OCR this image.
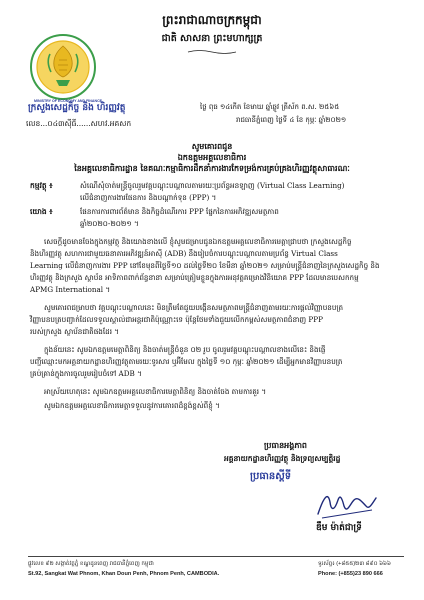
ព្រះរាជាណាចក្រកម្ពុជា
ជាតិ សាសនា ព្រះមហាក្សត្រ
MINISTRY OF ECONOMY AND FINANCE
ក្រសួងសេដ្ឋកិច្ច និង ហិរញ្ញវត្ថុ
លេខ...០៤៣ស៊ីធី......សហវ.អគសក
ថ្ងៃ ពុធ ១៤កើត ខែមាឃ ឆ្នាំឆ្លូវ ត្រីស័ក ព.ស. ២៥៦៥
រាជធានីភ្នំពេញ ថ្ងៃទី ៤ ខែ កុម្ភៈ ឆ្នាំ២០២១
សូមគោរពជូន
ឯកឧត្តមអគ្គលេខាធិការ
នៃអគ្គលេខាធិការដ្ឋាន នៃគណៈកម្មាធិការដឹកនាំការងារកែទម្រង់ការគ្រប់គ្រងហិរញ្ញវត្ថុសាធារណៈ
កម្មវត្ថុ ៖	សំណើសុំចាត់មន្ត្រីចូលរួមវគ្គបណ្តុះបណ្តាលតាមរយៈប្រព័ន្ធអនឡាញ (Virtual Class Learning)
លើជំនាញការងារផែនការ និងបណ្តាក់ទុន (PPP) ។
យោង ៖	ផែនការការពារព័ត៌មាន និងកិច្ចដំណើរការ PPP ផ្នែកនៃការអភិវឌ្ឍសមត្ថភាព
ឆ្នាំ២០២០-២០២១ ។
សេចក្តីដូចមានចែងក្នុងកម្មវត្ថុ និងយោងខាងលើ ខ្ញុំសូមជម្រាបជូនឯកឧត្តមអគ្គលេខាធិការមេត្តាជ្រាបថា ក្រសួងសេដ្ឋកិច្ច
និងហិរញ្ញវត្ថុ សហការជាមួយធនាគារអភិវឌ្ឍន៍អាស៊ី (ADB) នឹងរៀបចំការបណ្តុះបណ្តាលតាមប្រព័ន្ធ Virtual Class
Learning លើជំនាញការងារ PPP នៅខែមុនពីថ្ងៃទី១០ ដល់ថ្ងៃទី២០ ខែមីនា ឆ្នាំ២០២១ សម្រាប់មន្ត្រីជំនាញនៃក្រសួងសេដ្ឋកិច្ច និង
ហិរញ្ញវត្ថុ និងក្រសួង ស្ថាប័ន អាទិភាពពាក់ព័ន្ធនានា សម្រាប់ត្រៀមខ្លួនក្នុងការអនុវត្តគម្រោងវិនិយោគ PPP ដែលមានបេសកកម្ម
APMG International ។
សូមគោរពជម្រាបថា វគ្គបណ្តុះបណ្តាលនេះ មិនត្រឹមតែជួយបង្កើនសមត្ថភាពមន្ត្រីជំនាញតាមរយៈការផ្តល់វិញ្ញាបនបត្រ
វិញ្ញាបនបត្របញ្ជាក់ដែលទទួលស្គាល់ជាអន្តរជាតិប៉ុណ្ណោះទេ ប៉ុន្តែថែមទាំងជួយលើកកម្ពស់សមត្ថភាពជំនាញ PPP
របស់ក្រសួង ស្ថាប័នជាតិផងដែរ ។
ក្នុងន័យនេះ សូមឯកឧត្តមមេត្តាពិនិត្យ និងចាត់មន្ត្រីចំនួន ០២ រូប ចូលរួមវគ្គបណ្តុះបណ្តាលខាងលើនេះ និងផ្ញើ
បញ្ជីឈ្មោះមកអគ្គនាយកដ្ឋានហិរញ្ញវត្ថុតាមរយៈទូរសារ ឬអ៊ីមែល ក្នុងថ្ងៃទី ១០ កុម្ភៈ ឆ្នាំ២០២១ ដើម្បីអ្នកមានវិញ្ញាបនបត្រ
គ្រប់គ្រាន់ក្នុងការចូលរួមរៀបចំទៅ ADB ។
អាស្រ័យហេតុនេះ សូមឯកឧត្តមអគ្គលេខាធិការមេត្តាពិនិត្យ និងចាត់ចែង តាមការគួរ ។
សូមឯកឧត្តមអគ្គលេខាធិការមេត្តាទទួលនូវការគោរពដ៏ខ្ពង់ខ្ពស់ពីខ្ញុំ ។
ប្រធានអង្គភាព
អគ្គនាយកដ្ឋានហិរញ្ញវត្ថុ និងទ្រព្យសម្បត្តិរដ្ឋ
ប្រធានស្តីទី
ឌឹម ម៉ាត់ជាទ្រី
ផ្លូវលេខ ៩២ សង្កាត់វត្តភ្នំ ខណ្ឌដូនពេញ រាជធានីភ្នំពេញ កម្ពុជា
St.92, Sangkat Wat Phnom, Khan Doun Penh, Phnom Penh, CAMBODIA.
ទូរស័ព្ទ៖ (+៨៥៥)២៣ ៨៩០ ៦៦៦
Phone: (+855)23 890 666
